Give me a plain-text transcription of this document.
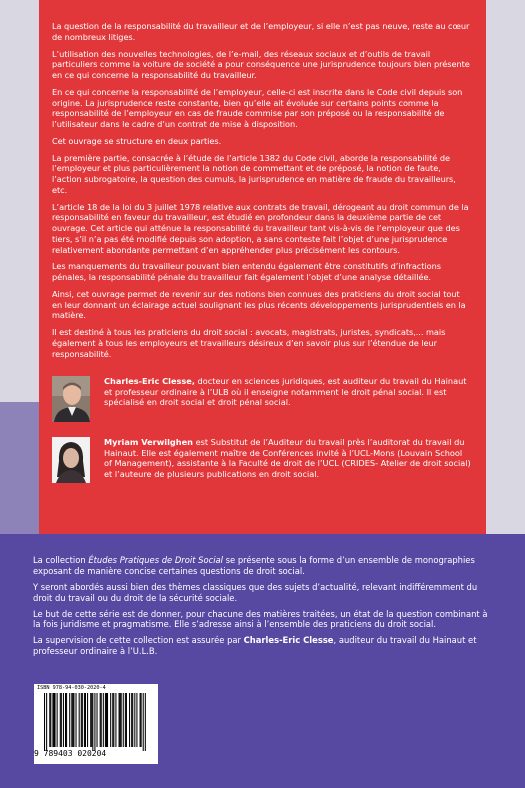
La question de la responsabilité du travailleur et de l’employeur, si elle n’est pas neuve, reste au cœur de nombreux litiges.

L’utilisation des nouvelles technologies, de l’e-mail, des réseaux sociaux et d’outils de travail particuliers comme la voiture de société a pour conséquence une jurisprudence toujours bien présente en ce qui concerne la responsabilité du travailleur.

En ce qui concerne la responsabilité de l’employeur, celle-ci est inscrite dans le Code civil depuis son origine. La jurisprudence reste constante, bien qu’elle ait évoluée sur certains points comme la responsabilité de l’employeur en cas de fraude commise par son préposé ou la responsabilité de l’utilisateur dans le cadre d’un contrat de mise à disposition.

Cet ouvrage se structure en deux parties.

La première partie, consacrée à l’étude de l’article 1382 du Code civil, aborde la responsabilité de l’employeur et plus particulièrement la notion de commettant et de préposé, la notion de faute, l’action subrogatoire, la question des cumuls, la jurisprudence en matière de fraude du travailleurs, etc.

L’article 18 de la loi du 3 juillet 1978 relative aux contrats de travail, dérogeant au droit commun de la responsabilité en faveur du travailleur, est étudié en profondeur dans la deuxième partie de cet ouvrage. Cet article qui atténue la responsabilité du travailleur tant vis-à-vis de l’employeur que des tiers, s’il n’a pas été modifié depuis son adoption, a sans conteste fait l’objet d’une jurisprudence relativement abondante permettant d’en appréhender plus précisément les contours.

Les manquements du travailleur pouvant bien entendu également être constitutifs d’infractions pénales, la responsabilité pénale du travailleur fait également l’objet d’une analyse détaillée.

Ainsi, cet ouvrage permet de revenir sur des notions bien connues des praticiens du droit social tout en leur donnant un éclairage actuel soulignant les plus récents développements jurisprudentiels en la matière.

Il est destiné à tous les praticiens du droit social : avocats, magistrats, juristes, syndicats,... mais également à tous les employeurs et travailleurs désireux d’en savoir plus sur l’étendue de leur responsabilité.

Charles-Eric Clesse, docteur en sciences juridiques, est auditeur du travail du Hainaut et professeur ordinaire à l’ULB où il enseigne notamment le droit pénal social. Il est spécialisé en droit social et droit pénal social.
Myriam Verwilghen est Substitut de l’Auditeur du travail près l’auditorat du travail du Hainaut. Elle est également maître de Conférences invité à l’UCL-Mons (Louvain School of Management), assistante à la Faculté de droit de l’UCL (CRIDES- Atelier de droit social) et l’auteure de plusieurs publications en droit social.

La collection Études Pratiques de Droit Social se présente sous la forme d’un ensemble de monographies exposant de manière concise certaines questions de droit social.

Y seront abordés aussi bien des thèmes classiques que des sujets d’actualité, relevant indifféremment du droit du travail ou du droit de la sécurité sociale.

Le but de cette série est de donner, pour chacune des matières traitées, un état de la question combinant à la fois juridisme et pragmatisme. Elle s’adresse ainsi à l’ensemble des praticiens du droit social.

La supervision de cette collection est assurée par Charles-Eric Clesse, auditeur du travail du Hainaut et professeur ordinaire à l’U.L.B.

ISBN 978-94-030-2020-4
9 789403 020204
